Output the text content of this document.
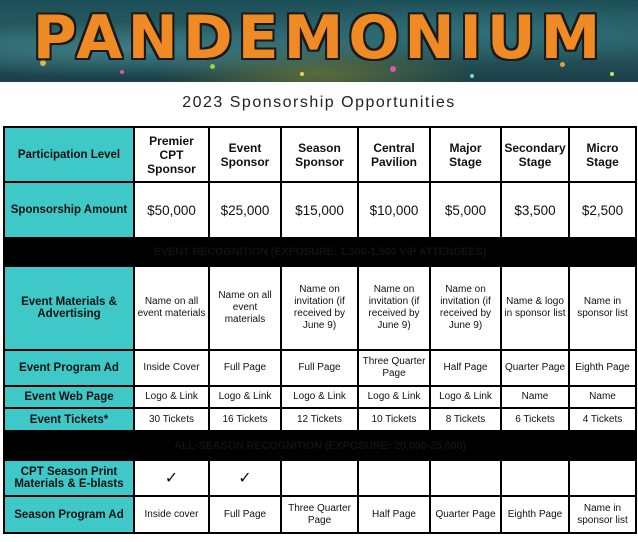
PANDEMONIUM
2023 Sponsorship Opportunities
Participation Level	Premier CPT Sponsor	Event Sponsor	Season Sponsor	Central Pavilion	Major Stage	Secondary Stage	Micro Stage
Sponsorship Amount	$50,000	$25,000	$15,000	$10,000	$5,000	$3,500	$2,500
EVENT RECOGNITION (EXPOSURE: 1,300-1,500 VIP ATTENDEES)							
Event Materials & Advertising	Name on all event materials	Name on all event materials	Name on invitation (if received by June 9)	Name on invitation (if received by June 9)	Name on invitation (if received by June 9)	Name & logo in sponsor list	Name in sponsor list
Event Program Ad	Inside Cover	Full Page	Full Page	Three Quarter Page	Half Page	Quarter Page	Eighth Page
Event Web Page	Logo & Link	Logo & Link	Logo & Link	Logo & Link	Logo & Link	Name	Name
Event Tickets*	30 Tickets	16 Tickets	12 Tickets	10 Tickets	8 Tickets	6 Tickets	4 Tickets
ALL-SEASON RECOGNITION (EXPOSURE: 20,000-25,000)							
CPT Season Print Materials & E-blasts	✓	✓					
Season Program Ad	Inside cover	Full Page	Three Quarter Page	Half Page	Quarter Page	Eighth Page	Name in sponsor list
